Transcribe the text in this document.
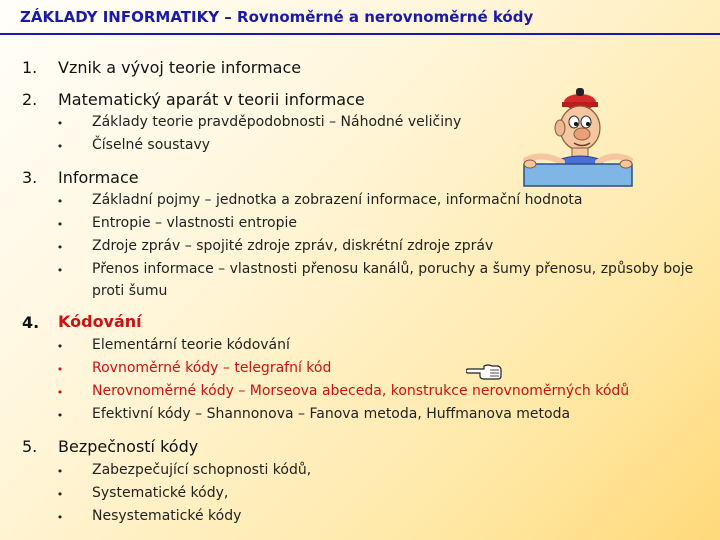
ZÁKLADY INFORMATIKY – Rovnoměrné a nerovnoměrné kódy
1. Vznik a vývoj teorie informace
2. Matematický aparát v teorii informace
• Základy teorie pravděpodobnosti – Náhodné veličiny
• Číselné soustavy
3. Informace
• Základní pojmy – jednotka a zobrazení informace, informační hodnota
• Entropie – vlastnosti entropie
• Zdroje zpráv – spojité zdroje zpráv, diskrétní zdroje zpráv
• Přenos informace – vlastnosti přenosu kanálů, poruchy a šumy přenosu, způsoby boje proti šumu
4. Kódování
• Elementární teorie kódování
• Rovnoměrné kódy – telegrafní kód
• Nerovnoměrné kódy – Morseova abeceda, konstrukce nerovnoměrných kódů
• Efektivní kódy – Shannonova – Fanova metoda, Huffmanova metoda
5. Bezpečností kódy
• Zabezpečující schopnosti kódů,
• Systematické kódy,
• Nesystematické kódy
